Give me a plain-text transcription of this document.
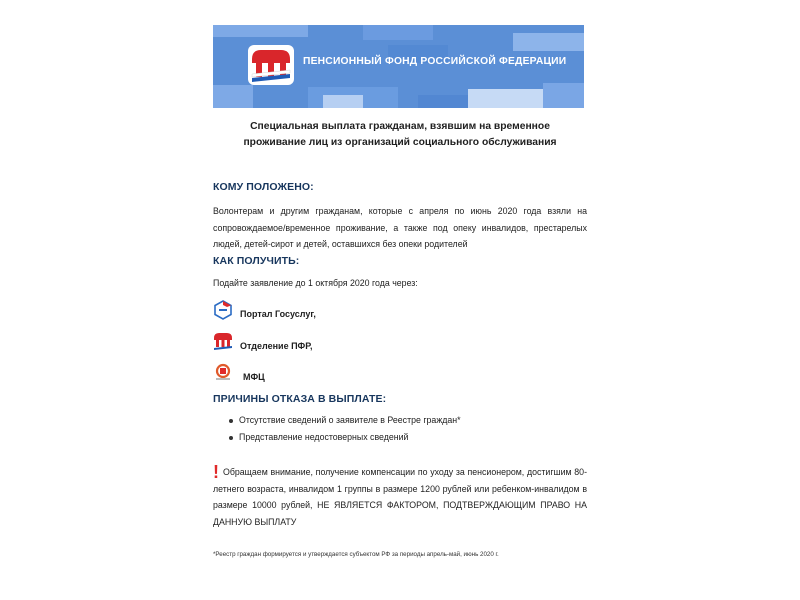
ПЕНСИОННЫЙ ФОНД РОССИЙСКОЙ ФЕДЕРАЦИИ
Специальная выплата гражданам, взявшим на временное
проживание лиц из организаций социального обслуживания
КОМУ ПОЛОЖЕНО:
Волонтерам и другим гражданам, которые с апреля по июнь 2020 года взяли на сопровождаемое/временное проживание, а также под опеку инвалидов, престарелых людей, детей-сирот и детей, оставшихся без опеки родителей
КАК ПОЛУЧИТЬ:
Подайте заявление до 1 октября 2020 года через:
Портал Госуслуг,
Отделение ПФР,
МФЦ
ПРИЧИНЫ ОТКАЗА В ВЫПЛАТЕ:
Отсутствие сведений о заявителе в Реестре граждан*
Представление недостоверных сведений
! Обращаем внимание, получение компенсации по уходу за пенсионером, достигшим 80-летнего возраста, инвалидом 1 группы в размере 1200 рублей или ребенком-инвалидом в размере 10000 рублей, НЕ ЯВЛЯЕТСЯ ФАКТОРОМ, ПОДТВЕРЖДАЮЩИМ ПРАВО НА ДАННУЮ ВЫПЛАТУ
*Реестр граждан формируется и утверждается субъектом РФ за периоды апрель-май, июнь 2020 г.
